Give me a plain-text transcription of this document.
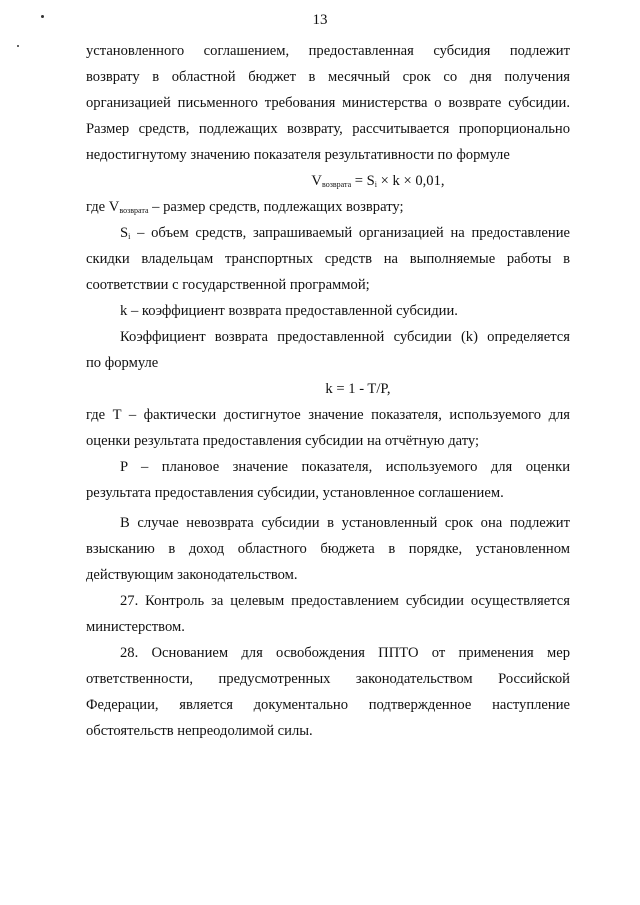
13

установленного соглашением, предоставленная субсидия подлежит

возврату в областной бюджет в месячный срок со дня получения

организацией письменного требования министерства о возврате субсидии.

Размер средств, подлежащих возврату, рассчитывается пропорционально

недостигнутому значению показателя результативности по формуле

$V_{возврата} = S_i \times k \times 0,01$,

где $V_{возврата}$ – размер средств, подлежащих возврату;

$S_i$ – объем средств, запрашиваемый организацией на предоставление

скидки владельцам транспортных средств на выполняемые работы в

соответствии с государственной программой;

k – коэффициент возврата предоставленной субсидии.

Коэффициент возврата предоставленной субсидии (k) определяется

по формуле

k = 1 - T/P,

где T – фактически достигнутое значение показателя, используемого для

оценки результата предоставления субсидии на отчётную дату;

P – плановое значение показателя, используемого для оценки

результата предоставления субсидии, установленное соглашением.

В случае невозврата субсидии в установленный срок она подлежит

взысканию в доход областного бюджета в порядке, установленном

действующим законодательством.

27. Контроль за целевым предоставлением субсидии осуществляется

министерством.

28. Основанием для освобождения ППТО от применения мер

ответственности, предусмотренных законодательством Российской

Федерации, является документально подтвержденное наступление

обстоятельств непреодолимой силы.
